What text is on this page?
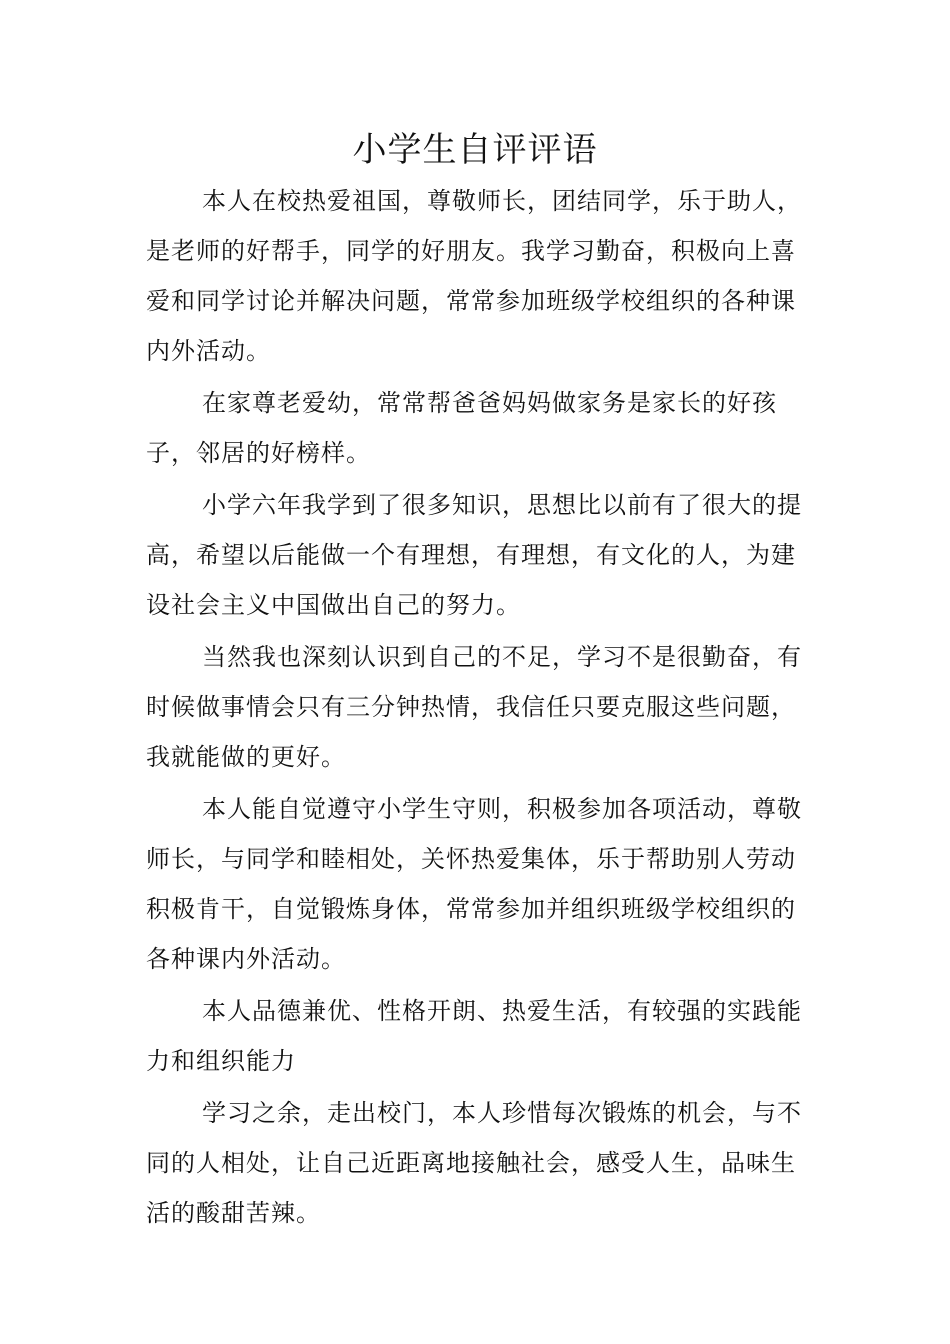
小学生自评评语

本人在校热爱祖国，尊敬师长，团结同学，乐于助人，是老师的好帮手，同学的好朋友。我学习勤奋，积极向上喜爱和同学讨论并解决问题，常常参加班级学校组织的各种课内外活动。

在家尊老爱幼，常常帮爸爸妈妈做家务是家长的好孩子，邻居的好榜样。

小学六年我学到了很多知识，思想比以前有了很大的提高，希望以后能做一个有理想，有理想，有文化的人，为建设社会主义中国做出自己的努力。

当然我也深刻认识到自己的不足，学习不是很勤奋，有时候做事情会只有三分钟热情，我信任只要克服这些问题，我就能做的更好。

本人能自觉遵守小学生守则，积极参加各项活动，尊敬师长，与同学和睦相处，关怀热爱集体，乐于帮助别人劳动积极肯干，自觉锻炼身体，常常参加并组织班级学校组织的各种课内外活动。

本人品德兼优、性格开朗、热爱生活，有较强的实践能力和组织能力

学习之余，走出校门，本人珍惜每次锻炼的机会，与不同的人相处，让自己近距离地接触社会，感受人生，品味生活的酸甜苦辣。
